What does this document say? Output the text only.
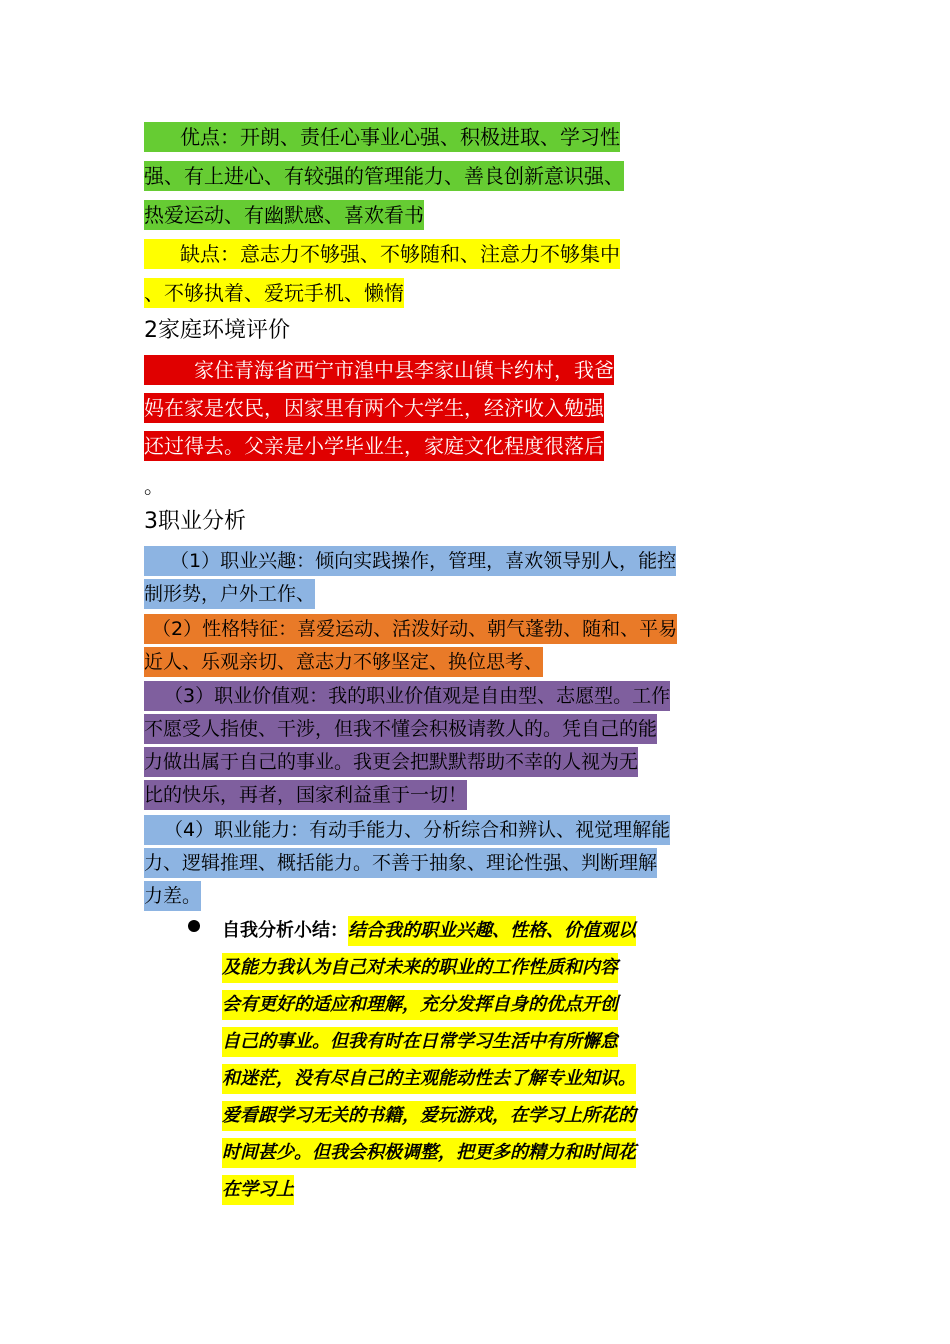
优点：开朗、责任心事业心强、积极进取、学习性
强、有上进心、有较强的管理能力、善良创新意识强、
热爱运动、有幽默感、喜欢看书
缺点：意志力不够强、不够随和、注意力不够集中
、不够执着、爱玩手机、懒惰
2家庭环境评价
家住青海省西宁市湟中县李家山镇卡约村，我爸
妈在家是农民，因家里有两个大学生，经济收入勉强
还过得去。父亲是小学毕业生，家庭文化程度很落后
。
3职业分析
（1）职业兴趣：倾向实践操作，管理，喜欢领导别人，能控
制形势，户外工作、
（2）性格特征：喜爱运动、活泼好动、朝气蓬勃、随和、平易
近人、乐观亲切、意志力不够坚定、换位思考、
（3）职业价值观：我的职业价值观是自由型、志愿型。工作
不愿受人指使、干涉，但我不懂会积极请教人的。凭自己的能
力做出属于自己的事业。我更会把默默帮助不幸的人视为无
比的快乐，再者，国家利益重于一切！
（4）职业能力：有动手能力、分析综合和辨认、视觉理解能
力、逻辑推理、概括能力。不善于抽象、理论性强、判断理解
力差。
自我分析小结：结合我的职业兴趣、性格、价值观以
及能力我认为自己对未来的职业的工作性质和内容
会有更好的适应和理解，充分发挥自身的优点开创
自己的事业。但我有时在日常学习生活中有所懈怠
和迷茫，没有尽自己的主观能动性去了解专业知识。
爱看跟学习无关的书籍，爱玩游戏，在学习上所花的
时间甚少。但我会积极调整，把更多的精力和时间花
在学习上
